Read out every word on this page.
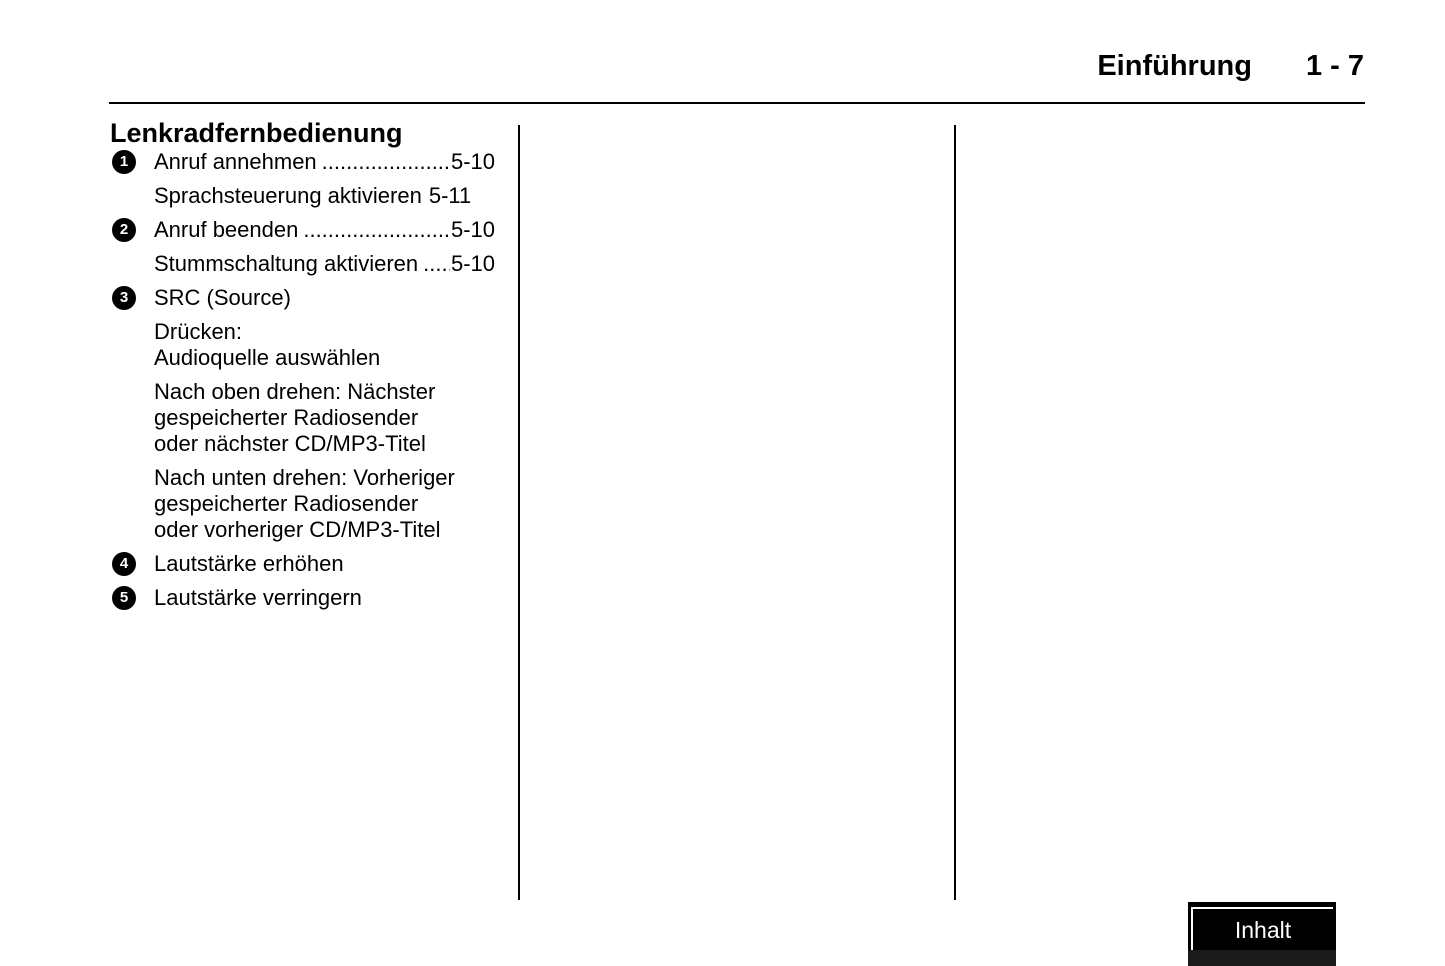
Einführung 1 - 7
Lenkradfernbedienung
1	Anruf annehmen .....	5-10
Sprachsteuerung aktivieren 5-11
2	Anruf beenden .....	5-10
Stummschaltung aktivieren ..... 5-10
3	SRC (Source)
Drücken:
Audioquelle auswählen
Nach oben drehen: Nächster
gespeicherter Radiosender
oder nächster CD/MP3-Titel
Nach unten drehen: Vorheriger
gespeicherter Radiosender
oder vorheriger CD/MP3-Titel
4	Lautstärke erhöhen
5	Lautstärke verringern
Inhalt
